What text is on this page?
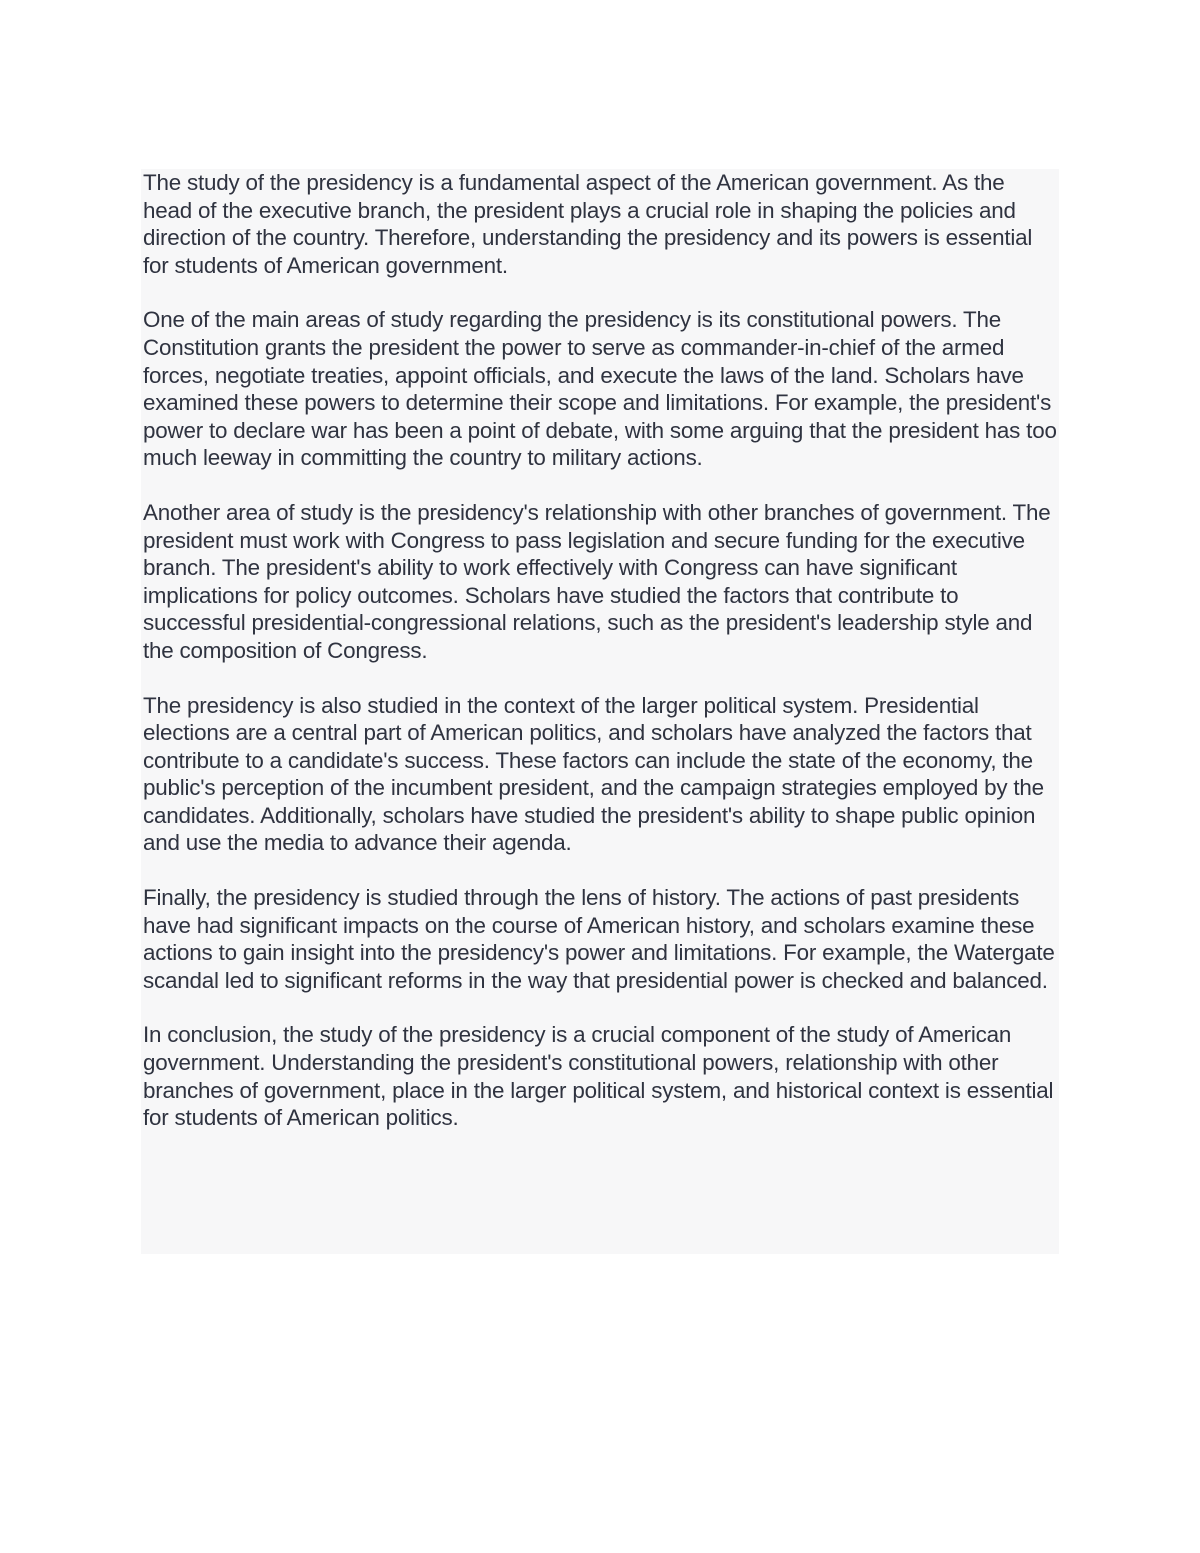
The study of the presidency is a fundamental aspect of the American government. As the head of the executive branch, the president plays a crucial role in shaping the policies and direction of the country. Therefore, understanding the presidency and its powers is essential for students of American government.

One of the main areas of study regarding the presidency is its constitutional powers. The Constitution grants the president the power to serve as commander-in-chief of the armed forces, negotiate treaties, appoint officials, and execute the laws of the land. Scholars have examined these powers to determine their scope and limitations. For example, the president's power to declare war has been a point of debate, with some arguing that the president has too much leeway in committing the country to military actions.

Another area of study is the presidency's relationship with other branches of government. The president must work with Congress to pass legislation and secure funding for the executive branch. The president's ability to work effectively with Congress can have significant implications for policy outcomes. Scholars have studied the factors that contribute to successful presidential-congressional relations, such as the president's leadership style and the composition of Congress.

The presidency is also studied in the context of the larger political system. Presidential elections are a central part of American politics, and scholars have analyzed the factors that contribute to a candidate's success. These factors can include the state of the economy, the public's perception of the incumbent president, and the campaign strategies employed by the candidates. Additionally, scholars have studied the president's ability to shape public opinion and use the media to advance their agenda.

Finally, the presidency is studied through the lens of history. The actions of past presidents have had significant impacts on the course of American history, and scholars examine these actions to gain insight into the presidency's power and limitations. For example, the Watergate scandal led to significant reforms in the way that presidential power is checked and balanced.

In conclusion, the study of the presidency is a crucial component of the study of American government. Understanding the president's constitutional powers, relationship with other branches of government, place in the larger political system, and historical context is essential for students of American politics.
